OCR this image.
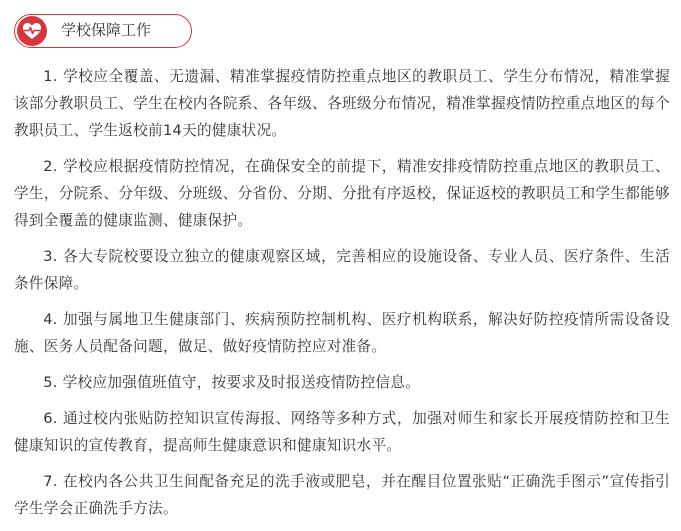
学校保障工作

1. 学校应全覆盖、无遗漏、精准掌握疫情防控重点地区的教职员工、学生分布情况，精准掌握该部分教职员工、学生在校内各院系、各年级、各班级分布情况，精准掌握疫情防控重点地区的每个教职员工、学生返校前14天的健康状况。

2. 学校应根据疫情防控情况，在确保安全的前提下，精准安排疫情防控重点地区的教职员工、学生，分院系、分年级、分班级、分省份、分期、分批有序返校，保证返校的教职员工和学生都能够得到全覆盖的健康监测、健康保护。

3. 各大专院校要设立独立的健康观察区域，完善相应的设施设备、专业人员、医疗条件、生活条件保障。

4. 加强与属地卫生健康部门、疾病预防控制机构、医疗机构联系，解决好防控疫情所需设备设施、医务人员配备问题，做足、做好疫情防控应对准备。

5. 学校应加强值班值守，按要求及时报送疫情防控信息。

6. 通过校内张贴防控知识宣传海报、网络等多种方式，加强对师生和家长开展疫情防控和卫生健康知识的宣传教育，提高师生健康意识和健康知识水平。

7. 在校内各公共卫生间配备充足的洗手液或肥皂，并在醒目位置张贴“正确洗手图示”宣传指引学生学会正确洗手方法。
